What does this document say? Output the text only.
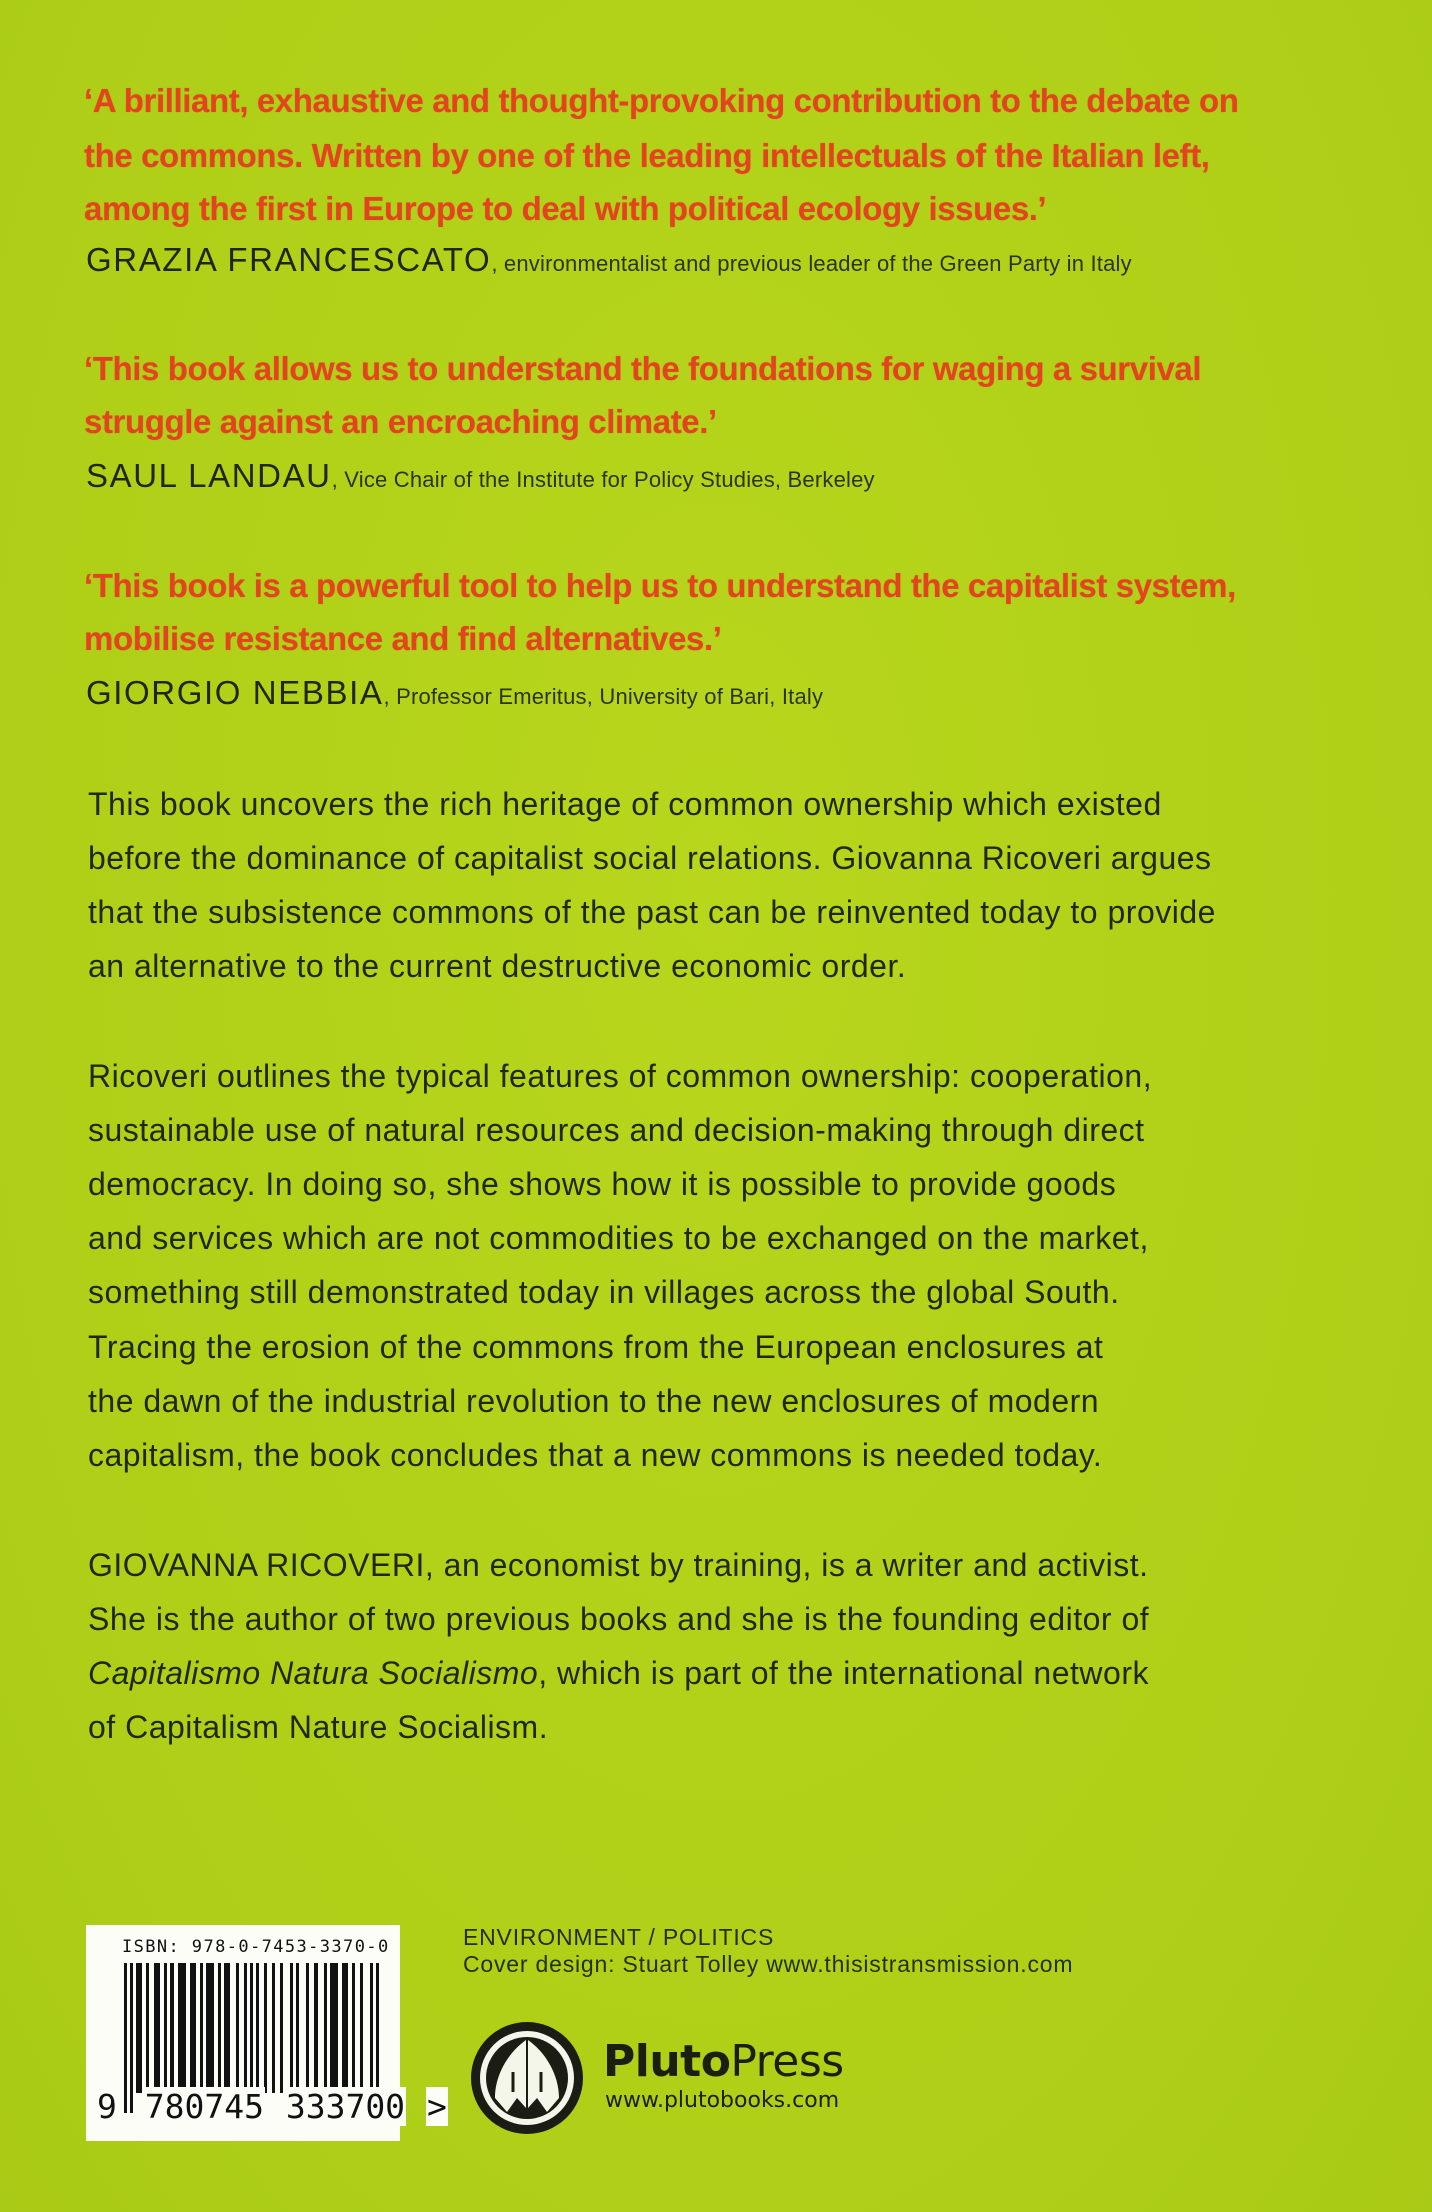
‘A brilliant, exhaustive and thought-provoking contribution to the debate on
the commons. Written by one of the leading intellectuals of the Italian left,
among the first in Europe to deal with political ecology issues.’
GRAZIA FRANCESCATO, environmentalist and previous leader of the Green Party in Italy
‘This book allows us to understand the foundations for waging a survival
struggle against an encroaching climate.’
SAUL LANDAU, Vice Chair of the Institute for Policy Studies, Berkeley
‘This book is a powerful tool to help us to understand the capitalist system,
mobilise resistance and find alternatives.’
GIORGIO NEBBIA, Professor Emeritus, University of Bari, Italy
This book uncovers the rich heritage of common ownership which existed
before the dominance of capitalist social relations. Giovanna Ricoveri argues
that the subsistence commons of the past can be reinvented today to provide
an alternative to the current destructive economic order.
Ricoveri outlines the typical features of common ownership: cooperation,
sustainable use of natural resources and decision-making through direct
democracy. In doing so, she shows how it is possible to provide goods
and services which are not commodities to be exchanged on the market,
something still demonstrated today in villages across the global South.
Tracing the erosion of the commons from the European enclosures at
the dawn of the industrial revolution to the new enclosures of modern
capitalism, the book concludes that a new commons is needed today.
GIOVANNA RICOVERI, an economist by training, is a writer and activist.
She is the author of two previous books and she is the founding editor of
Capitalismo Natura Socialismo, which is part of the international network
of Capitalism Nature Socialism.
ISBN: 978-0-7453-3370-0
9 780745 333700 >
ENVIRONMENT / POLITICS
Cover design: Stuart Tolley www.thisistransmission.com
PlutoPress
www.plutobooks.com
